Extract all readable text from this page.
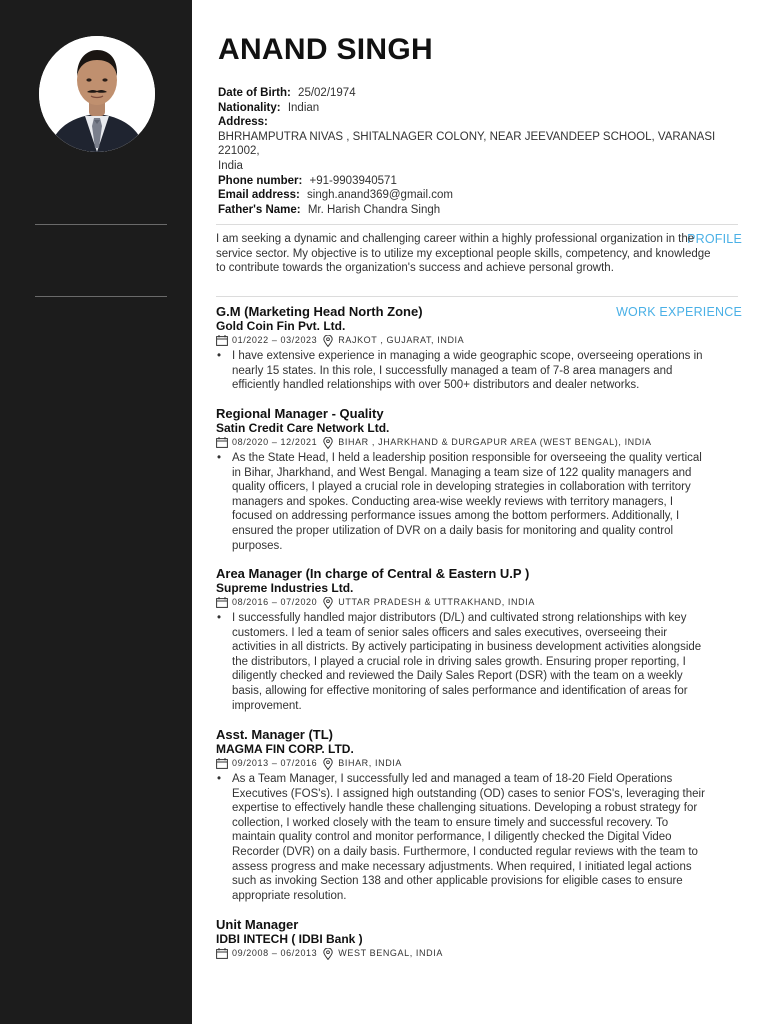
PROFILE
WORK EXPERIENCE
ANAND SINGH
Date of Birth: 25/02/1974
Nationality: Indian
Address:
BHRHAMPUTRA NIVAS , SHITALNAGER COLONY, NEAR JEEVANDEEP SCHOOL, VARANASI 221002,
India
Phone number: +91-9903940571
Email address: singh.anand369@gmail.com
Father's Name: Mr. Harish Chandra Singh
I am seeking a dynamic and challenging career within a highly professional organization in the service sector. My objective is to utilize my exceptional people skills, competency, and knowledge to contribute towards the organization's success and achieve personal growth.
G.M (Marketing Head North Zone)
Gold Coin Fin Pvt. Ltd.
01/2022 – 03/2023 RAJKOT , GUJARAT, INDIA
• I have extensive experience in managing a wide geographic scope, overseeing operations in nearly 15 states. In this role, I successfully managed a team of 7-8 area managers and efficiently handled relationships with over 500+ distributors and dealer networks.
Regional Manager - Quality
Satin Credit Care Network Ltd.
08/2020 – 12/2021 BIHAR , JHARKHAND & DURGAPUR AREA (WEST BENGAL), INDIA
• As the State Head, I held a leadership position responsible for overseeing the quality vertical in Bihar, Jharkhand, and West Bengal. Managing a team size of 122 quality managers and quality officers, I played a crucial role in developing strategies in collaboration with territory managers and spokes. Conducting area-wise weekly reviews with territory managers, I focused on addressing performance issues among the bottom performers. Additionally, I ensured the proper utilization of DVR on a daily basis for monitoring and quality control purposes.
Area Manager (In charge of Central & Eastern U.P )
Supreme Industries Ltd.
08/2016 – 07/2020 UTTAR PRADESH & UTTRAKHAND, INDIA
• I successfully handled major distributors (D/L) and cultivated strong relationships with key customers. I led a team of senior sales officers and sales executives, overseeing their activities in all districts. By actively participating in business development activities alongside the distributors, I played a crucial role in driving sales growth. Ensuring proper reporting, I diligently checked and reviewed the Daily Sales Report (DSR) with the team on a weekly basis, allowing for effective monitoring of sales performance and identification of areas for improvement.
Asst. Manager (TL)
MAGMA FIN CORP. LTD.
09/2013 – 07/2016 BIHAR, INDIA
• As a Team Manager, I successfully led and managed a team of 18-20 Field Operations Executives (FOS's). I assigned high outstanding (OD) cases to senior FOS's, leveraging their expertise to effectively handle these challenging situations. Developing a robust strategy for collection, I worked closely with the team to ensure timely and successful recovery. To maintain quality control and monitor performance, I diligently checked the Digital Video Recorder (DVR) on a daily basis. Furthermore, I conducted regular reviews with the team to assess progress and make necessary adjustments. When required, I initiated legal actions such as invoking Section 138 and other applicable provisions for eligible cases to ensure appropriate resolution.
Unit Manager
IDBI INTECH ( IDBI Bank )
09/2008 – 06/2013 WEST BENGAL, INDIA
